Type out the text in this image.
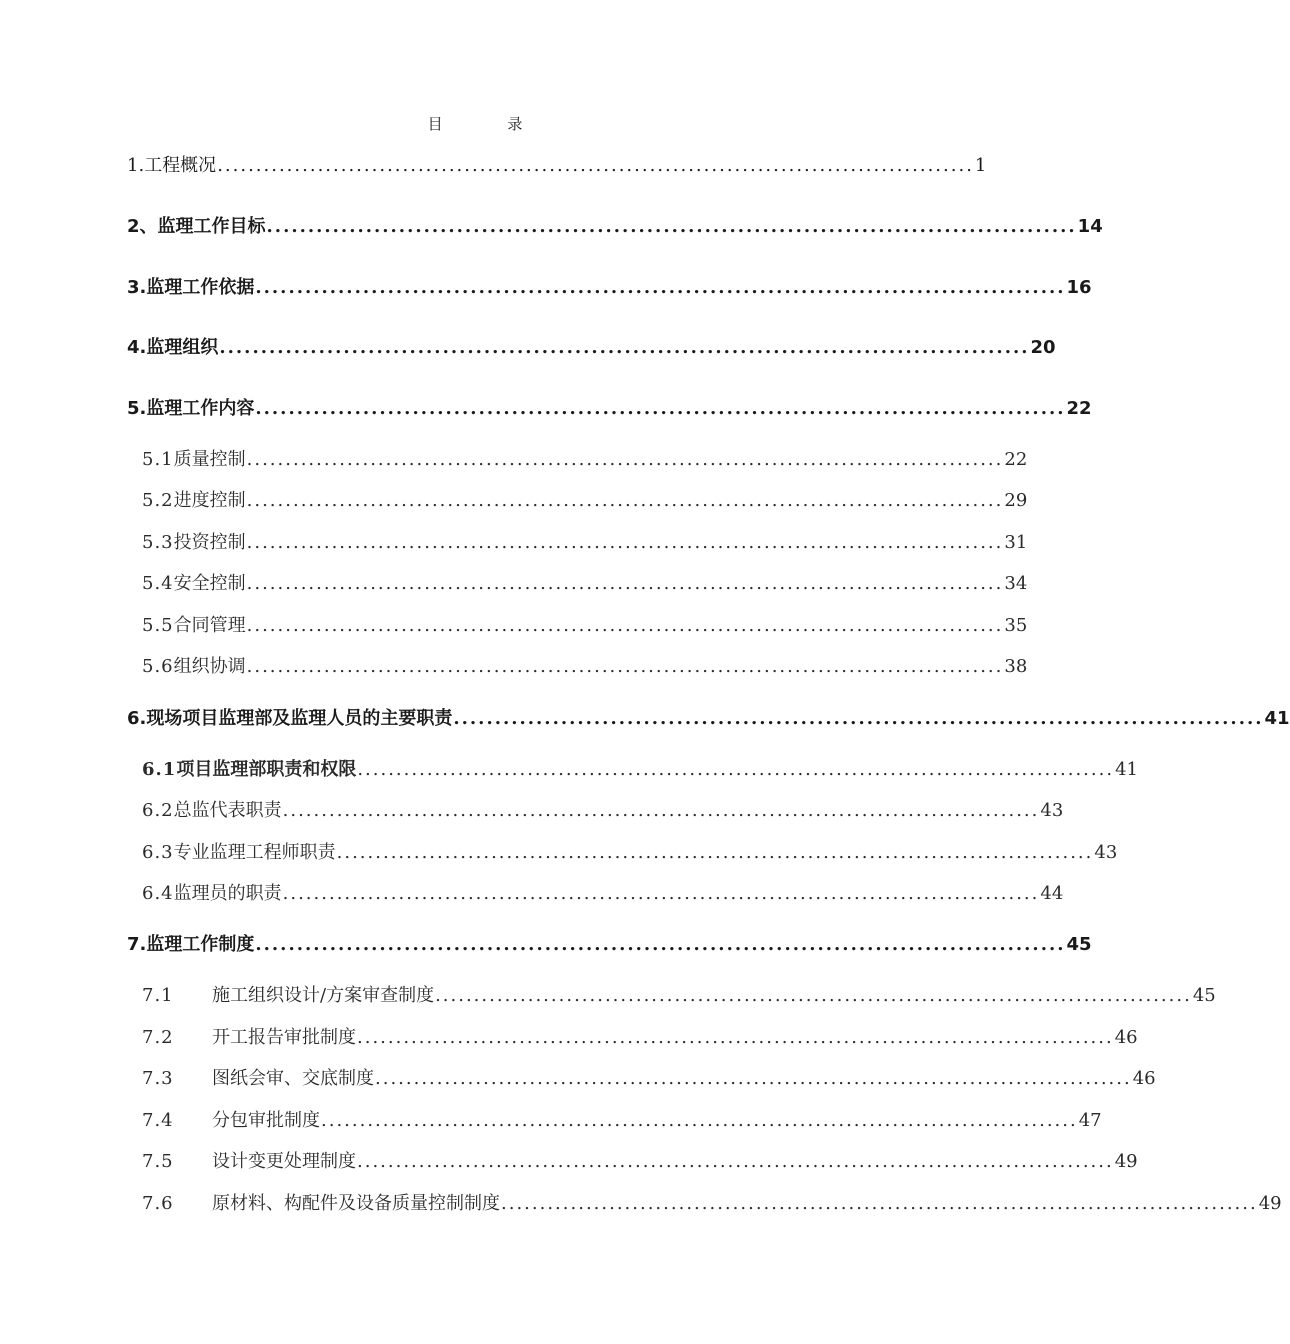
目 录
1. 工程概况 .................................................................................................. 1
2、 监理工作目标 .................................................................................................. 14
3. 监理工作依据 .................................................................................................. 16
4. 监理组织 .................................................................................................. 20
5. 监理工作内容 .................................................................................................. 22
5.1 质量控制 .................................................................................................. 22
5.2 进度控制 .................................................................................................. 29
5.3 投资控制 .................................................................................................. 31
5.4 安全控制 .................................................................................................. 34
5.5 合同管理 .................................................................................................. 35
5.6 组织协调 .................................................................................................. 38
6. 现场项目监理部及监理人员的主要职责 .................................................................................................. 41
6.1 项目监理部职责和权限 .................................................................................................. 41
6.2 总监代表职责 .................................................................................................. 43
6.3 专业监理工程师职责 .................................................................................................. 43
6.4 监理员的职责 .................................................................................................. 44
7. 监理工作制度 .................................................................................................. 45
7.1	施工组织设计/方案审查制度 .................................................................................................. 45
7.2	开工报告审批制度 .................................................................................................. 46
7.3	图纸会审、交底制度 .................................................................................................. 46
7.4	分包审批制度 .................................................................................................. 47
7.5	设计变更处理制度 .................................................................................................. 49
7.6	原材料、构配件及设备质量控制制度 .................................................................................................. 49
